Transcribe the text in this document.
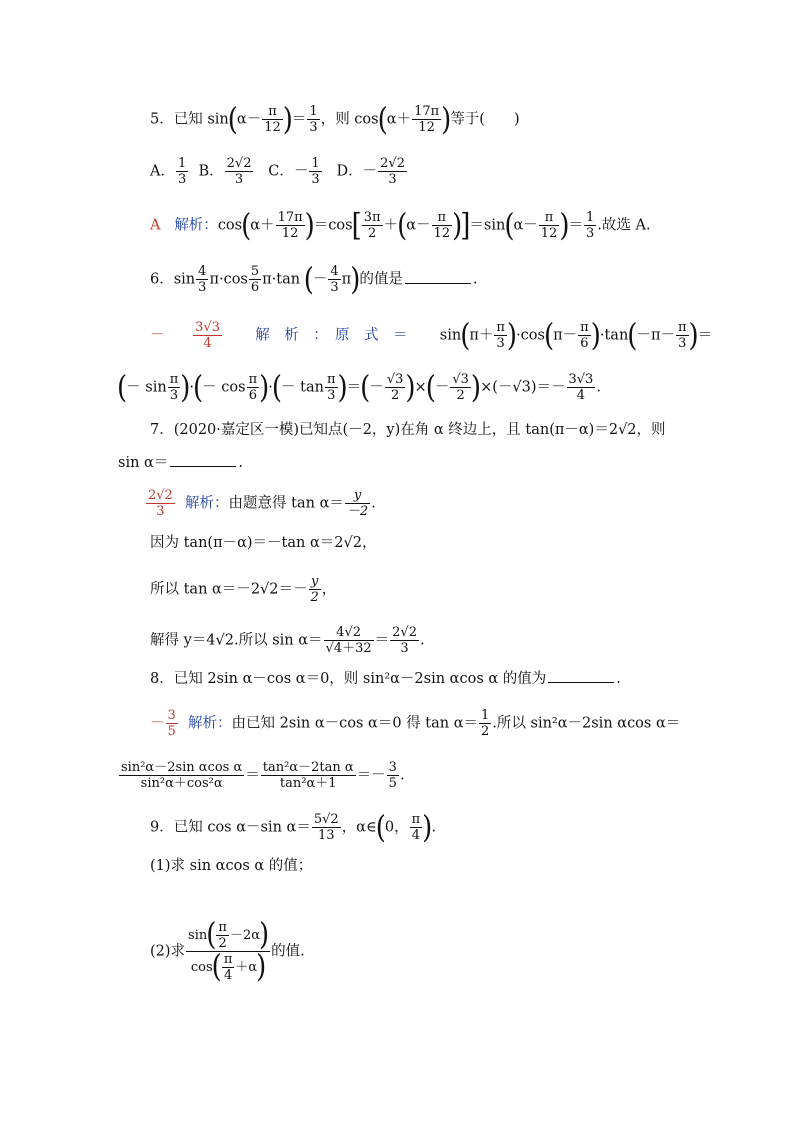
5．已知 $\sin(\alpha- \frac{\pi}{12}$ )＝ $\frac{1}{3}$ ，则 $\cos(\alpha+ \frac{17\pi}{12}$ )等于(　　)
A． $\frac{1}{3}$ B． $\frac{2√2}{3}$ C．－ $\frac{1}{3}$ D．－ $\frac{2√2}{3}$
A 解析：$\cos(\alpha+ \frac{17\pi}{12} )=\cos[ \frac{3\pi}{2} +(\alpha- \frac{\pi}{12} )]=\sin(\alpha- \frac{\pi}{12}$ )＝ $\frac{1}{3}$ .故选 A.
6．$\sin \frac{4}{3} \pi\cdot\cos \frac{5}{6} \pi\cdot\tan$ (－ $\frac{4}{3} \pi$)的值是	.
－ $\frac{3√3}{4}$ 解　析　：　原　式　＝ $\sin(\pi+ \frac{\pi}{3} )\cdot\cos(\pi- \frac{\pi}{6} )\cdot\tan(-\pi- \frac{\pi}{3}$ )＝
(－ $\sin \frac{\pi}{3}$ )·(－ $\cos \frac{\pi}{6}$ )·(－ $\tan \frac{\pi}{3}$ )＝(－ $\frac{√3}{2}$ )×(－ $\frac{√3}{2} )\times(-√3)=- \frac{3√3}{4}$ .
7．(2020·嘉定区一模)已知点(－2，y)在角 α 终边上，且 tan(π－α)＝2√2，则
sin α＝	.
$\frac{2√2}{3}$ 解析：由题意得 $\tan \alpha= \frac{y}{-2}$ .
因为 tan(π－α)＝－tan α＝2√2，
所以 $\tan \alpha=-2√2=- \frac{y}{2}$ ，
解得 y＝4√2.所以 $\sin \alpha= \frac{4√2}{√4+32} = \frac{2√2}{3}$ .
8．已知 2sin α－cos α＝0，则 sin²α－2sin αcos α 的值为	.
－ $\frac{3}{5}$ 解析：由已知 2sin α－cos α＝0 得 $\tan \alpha= \frac{1}{2}$ .所以 sin²α－2sin αcos α＝
$\frac{\text{sin²α－2sin αcos α}}{\text{sin²α＋cos²α}} = \frac{\text{tan²α－2tan α}}{\text{tan²α＋1}} =- \frac{3}{5}$ .
9．已知 cos α－sin $\alpha= \frac{5√2}{13}$ ，α∈(0， $\frac{\pi}{4}$ ).
(1)求 sin αcos α 的值；
(2)求 $\frac{\sin( \frac{\pi}{2} -2\alpha)}{\cos( \frac{\pi}{4} +\alpha)}$ 的值.
